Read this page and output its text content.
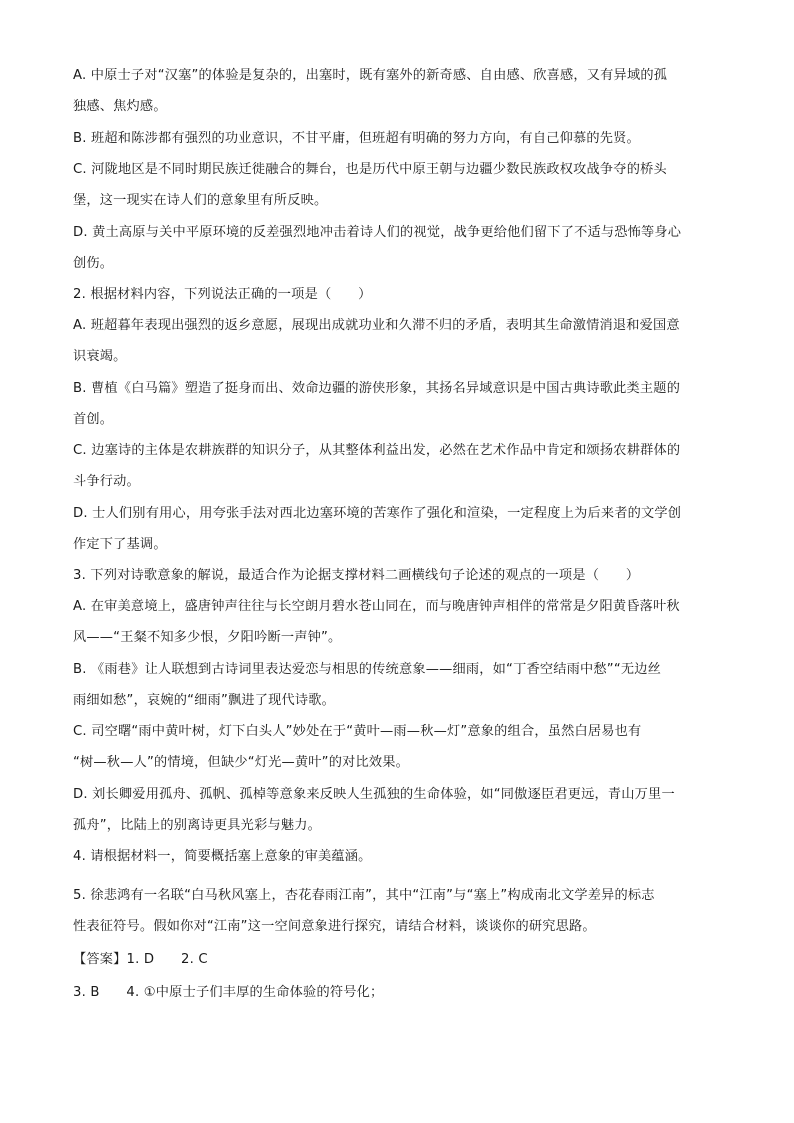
A. 中原士子对“汉塞”的体验是复杂的，出塞时，既有塞外的新奇感、自由感、欣喜感，又有异域的孤
独感、焦灼感。
B. 班超和陈涉都有强烈的功业意识，不甘平庸，但班超有明确的努力方向，有自己仰慕的先贤。
C. 河陇地区是不同时期民族迁徙融合的舞台，也是历代中原王朝与边疆少数民族政权攻战争夺的桥头
堡，这一现实在诗人们的意象里有所反映。
D. 黄土高原与关中平原环境的反差强烈地冲击着诗人们的视觉，战争更给他们留下了不适与恐怖等身心
创伤。
2. 根据材料内容，下列说法正确的一项是（　　）
A. 班超暮年表现出强烈的返乡意愿，展现出成就功业和久滞不归的矛盾，表明其生命激情消退和爱国意
识衰竭。
B. 曹植《白马篇》塑造了挺身而出、效命边疆的游侠形象，其扬名异域意识是中国古典诗歌此类主题的
首创。
C. 边塞诗的主体是农耕族群的知识分子，从其整体利益出发，必然在艺术作品中肯定和颂扬农耕群体的
斗争行动。
D. 士人们别有用心，用夸张手法对西北边塞环境的苦寒作了强化和渲染，一定程度上为后来者的文学创
作定下了基调。
3. 下列对诗歌意象的解说，最适合作为论据支撑材料二画横线句子论述的观点的一项是（　　）
A. 在审美意境上，盛唐钟声往往与长空朗月碧水苍山同在，而与晚唐钟声相伴的常常是夕阳黄昏落叶秋
风——“王粲不知多少恨，夕阳吟断一声钟”。
B. 《雨巷》让人联想到古诗词里表达爱恋与相思的传统意象——细雨，如“丁香空结雨中愁”“无边丝
雨细如愁”，哀婉的“细雨”飘进了现代诗歌。
C. 司空曙“雨中黄叶树，灯下白头人”妙处在于“黄叶—雨—秋—灯”意象的组合，虽然白居易也有
“树—秋—人”的情境，但缺少“灯光—黄叶”的对比效果。
D. 刘长卿爱用孤舟、孤帆、孤棹等意象来反映人生孤独的生命体验，如“同傲逐臣君更远，青山万里一
孤舟”，比陆上的别离诗更具光彩与魅力。
4. 请根据材料一，简要概括塞上意象的审美蕴涵。
5. 徐悲鸿有一名联“白马秋风塞上，杏花春雨江南”，其中“江南”与“塞上”构成南北文学差异的标志
性表征符号。假如你对“江南”这一空间意象进行探究，请结合材料，谈谈你的研究思路。
【答案】1. D　　2. C
3. B　　4. ①中原士子们丰厚的生命体验的符号化；
